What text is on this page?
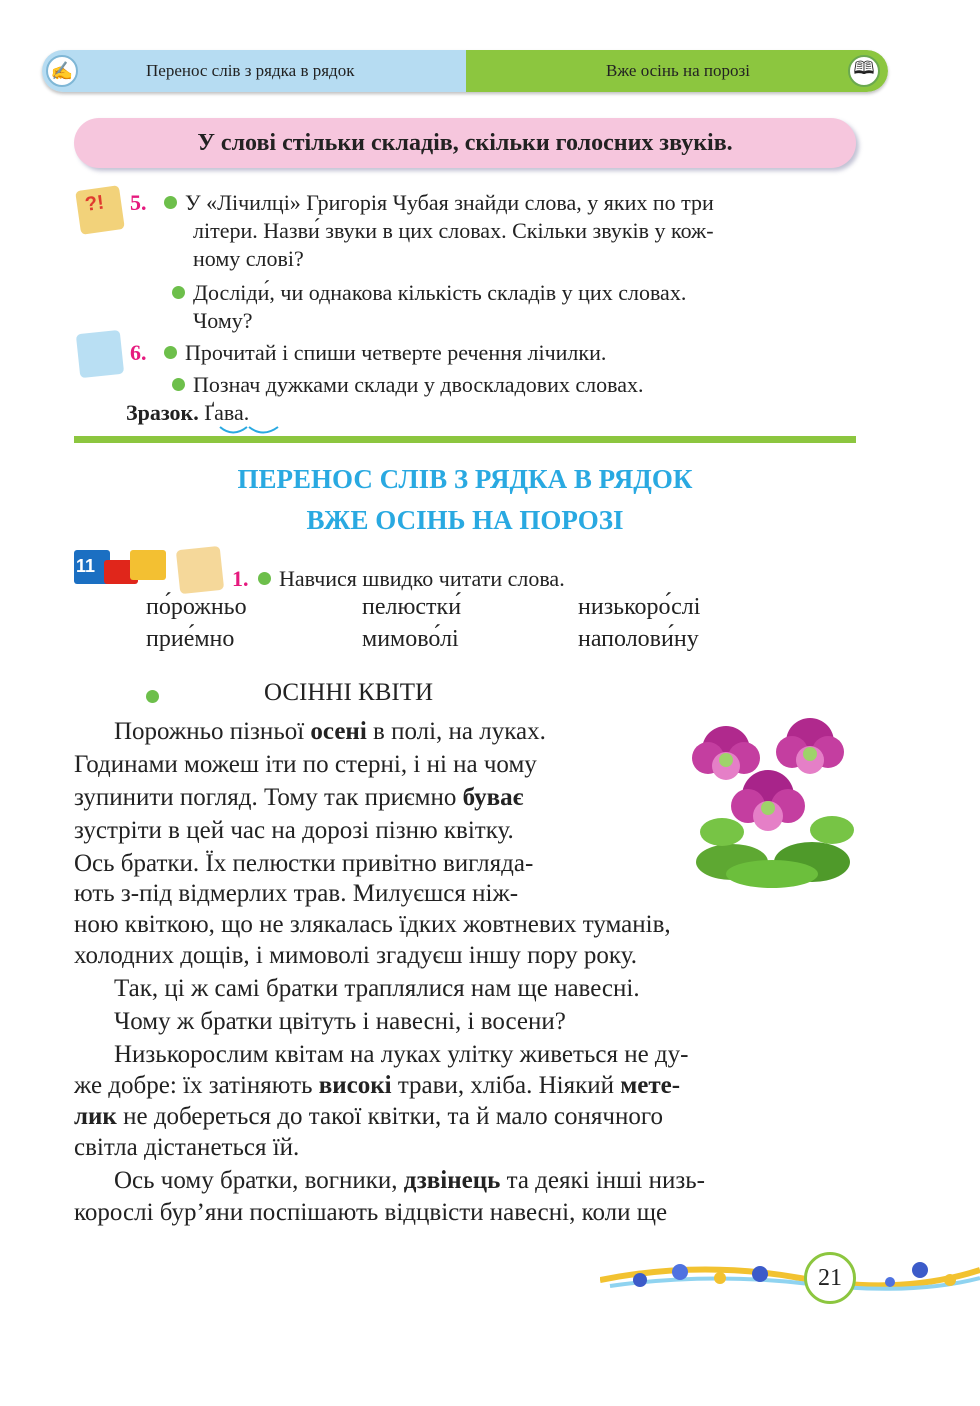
✍	Перенос слів з рядка в рядок	Вже осінь на порозі	🕮
У слові стільки складів, скільки голосних звуків.
?! 5. У «Лічилці» Григорія Чубая знайди слова, у яких по три
літери. Назви́ звуки в цих словах. Скільки звуків у кож-
ному слові?
Досліди́, чи однакова кількість складів у цих словах.
Чому?
6. Прочитай і спиши четверте речення лічилки.
Познач дужками склади у двоскладових словах.
Зразок. Ґава.
ПЕРЕНОС СЛІВ З РЯДКА В РЯДОК
ВЖЕ ОСІНЬ НА ПОРОЗІ
11	1. Навчися швидко читати слова.
по́рожньо	пелюстки́	низькоро́слі
прие́мно	мимово́лі	наполови́ну
ОСІННІ КВІТИ
Порожньо пізньої осені в полі, на луках.
Годинами можеш іти по стерні, і ні на чому
зупинити погляд. Тому так приємно буває
зустріти в цей час на дорозі пізню квітку.
Ось братки. Їх пелюстки привітно вигляда-
ють з-під відмерлих трав. Милуєшся ніж-
ною квіткою, що не злякалась їдких жовтневих туманів,
холодних дощів, і мимоволі згадуєш іншу пору року.
Так, ці ж самі братки траплялися нам ще навесні.
Чому ж братки цвітуть і навесні, і восени?
Низькорослим квітам на луках улітку живеться не ду-
же добре: їх затіняють високі трави, хліба. Ніякий мете-
лик не добереться до такої квітки, та й мало сонячного
світла дістанеться їй.
Ось чому братки, вогники, дзвінець та деякі інші низь-
корослі бур’яни поспішають відцвісти навесні, коли ще
21
